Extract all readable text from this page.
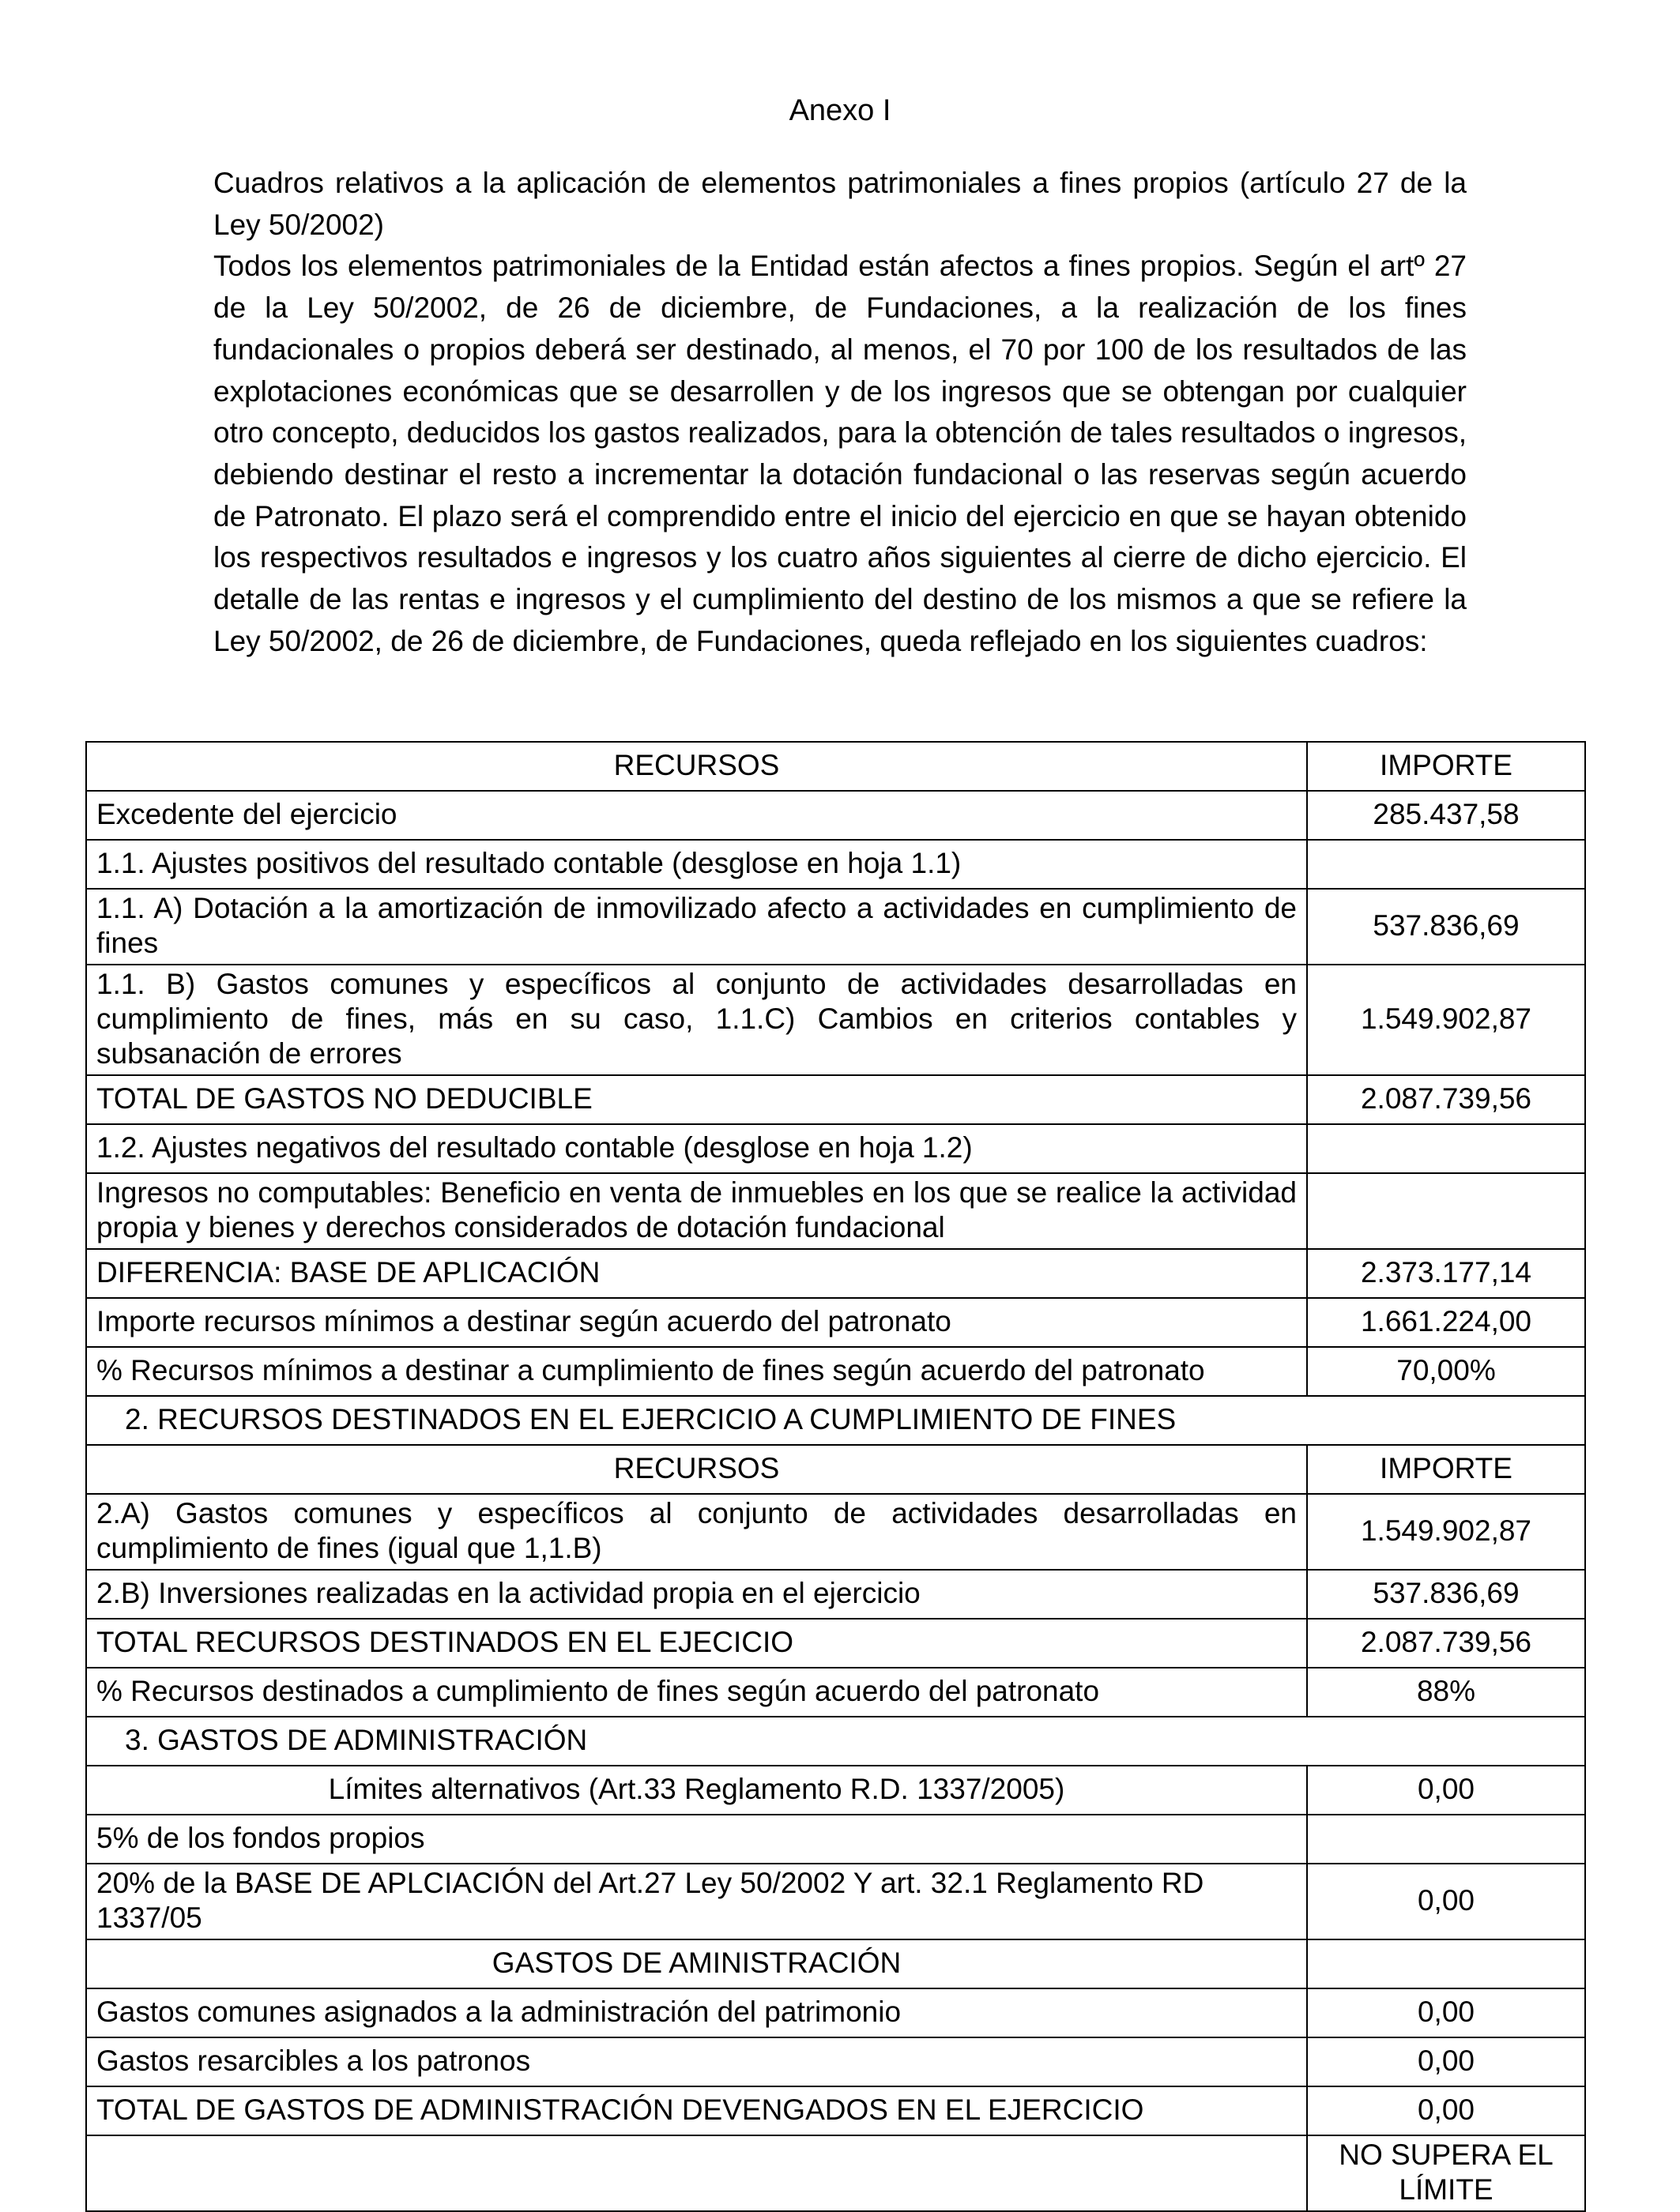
Anexo I

Cuadros relativos a la aplicación de elementos patrimoniales a fines propios (artículo 27 de la Ley 50/2002)

Todos los elementos patrimoniales de la Entidad están afectos a fines propios. Según el artº 27 de la Ley 50/2002, de 26 de diciembre, de Fundaciones, a la realización de los fines fundacionales o propios deberá ser destinado, al menos, el 70 por 100 de los resultados de las explotaciones económicas que se desarrollen y de los ingresos que se obtengan por cualquier otro concepto, deducidos los gastos realizados, para la obtención de tales resultados o ingresos, debiendo destinar el resto a incrementar la dotación fundacional o las reservas según acuerdo de Patronato. El plazo será el comprendido entre el inicio del ejercicio en que se hayan obtenido los respectivos resultados e ingresos y los cuatro años siguientes al cierre de dicho ejercicio. El detalle de las rentas e ingresos y el cumplimiento del destino de los mismos a que se refiere la Ley 50/2002, de 26 de diciembre, de Fundaciones, queda reflejado en los siguientes cuadros:

RECURSOS	IMPORTE
Excedente del ejercicio	285.437,58
1.1. Ajustes positivos del resultado contable (desglose en hoja 1.1)	
1.1. A) Dotación a la amortización de inmovilizado afecto a actividades en cumplimiento de fines	537.836,69
1.1. B) Gastos comunes y específicos al conjunto de actividades desarrolladas en cumplimiento de fines, más en su caso, 1.1.C) Cambios en criterios contables y subsanación de errores	1.549.902,87
TOTAL DE GASTOS NO DEDUCIBLE	2.087.739,56
1.2. Ajustes negativos del resultado contable (desglose en hoja 1.2)	
Ingresos no computables: Beneficio en venta de inmuebles en los que se realice la actividad propia y bienes y derechos considerados de dotación fundacional	
DIFERENCIA: BASE DE APLICACIÓN	2.373.177,14
Importe recursos mínimos a destinar según acuerdo del patronato	1.661.224,00
% Recursos mínimos a destinar a cumplimiento de fines según acuerdo del patronato	70,00%
2. RECURSOS DESTINADOS EN EL EJERCICIO A CUMPLIMIENTO DE FINES	
RECURSOS	IMPORTE
2.A) Gastos comunes y específicos al conjunto de actividades desarrolladas en cumplimiento de fines (igual que 1,1.B)	1.549.902,87
2.B) Inversiones realizadas en la actividad propia en el ejercicio	537.836,69
TOTAL RECURSOS DESTINADOS EN EL EJECICIO	2.087.739,56
% Recursos destinados a cumplimiento de fines según acuerdo del patronato	88%
3. GASTOS DE ADMINISTRACIÓN	
Límites alternativos (Art.33 Reglamento R.D. 1337/2005)	0,00
5% de los fondos propios	
20% de la BASE DE APLCIACIÓN del Art.27 Ley 50/2002 Y art. 32.1 Reglamento RD 1337/05	0,00
GASTOS DE AMINISTRACIÓN	
Gastos comunes asignados a la administración del patrimonio	0,00
Gastos resarcibles a los patronos	0,00
TOTAL DE GASTOS DE ADMINISTRACIÓN DEVENGADOS EN EL EJERCICIO	0,00
	NO SUPERA EL LÍMITE
